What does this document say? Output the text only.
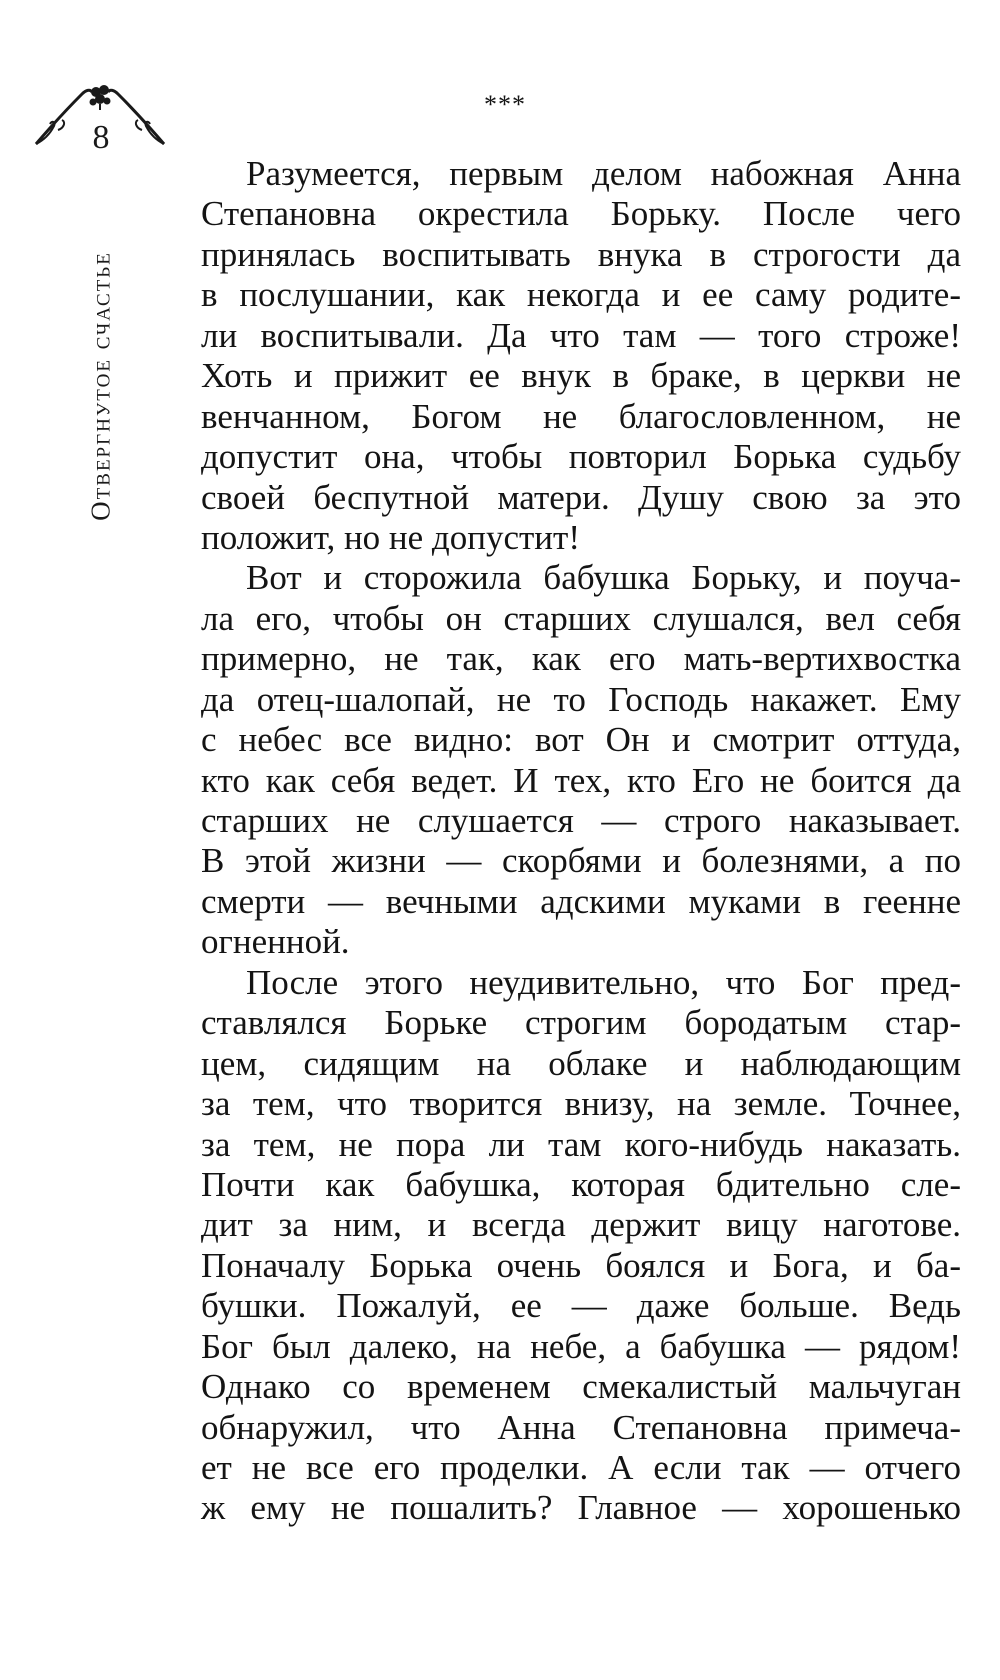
8
Отвергнутое счастье
***
Разумеется, первым делом набожная Анна
Степановна окрестила Борьку. После чего
принялась воспитывать внука в строгости да
в послушании, как некогда и ее саму родите-
ли воспитывали. Да что там — того строже!
Хоть и прижит ее внук в браке, в церкви не
венчанном, Богом не благословленном, не
допустит она, чтобы повторил Борька судьбу
своей беспутной матери. Душу свою за это
положит, но не допустит!
Вот и сторожила бабушка Борьку, и поуча-
ла его, чтобы он старших слушался, вел себя
примерно, не так, как его мать-вертихвостка
да отец-шалопай, не то Господь накажет. Ему
с небес все видно: вот Он и смотрит оттуда,
кто как себя ведет. И тех, кто Его не боится да
старших не слушается — строго наказывает.
В этой жизни — скорбями и болезнями, а по
смерти — вечными адскими муками в геенне
огненной.
После этого неудивительно, что Бог пред-
ставлялся Борьке строгим бородатым стар-
цем, сидящим на облаке и наблюдающим
за тем, что творится внизу, на земле. Точнее,
за тем, не пора ли там кого-нибудь наказать.
Почти как бабушка, которая бдительно сле-
дит за ним, и всегда держит вицу наготове.
Поначалу Борька очень боялся и Бога, и ба-
бушки. Пожалуй, ее — даже больше. Ведь
Бог был далеко, на небе, а бабушка — рядом!
Однако со временем смекалистый мальчуган
обнаружил, что Анна Степановна примеча-
ет не все его проделки. А если так — отчего
ж ему не пошалить? Главное — хорошенько
